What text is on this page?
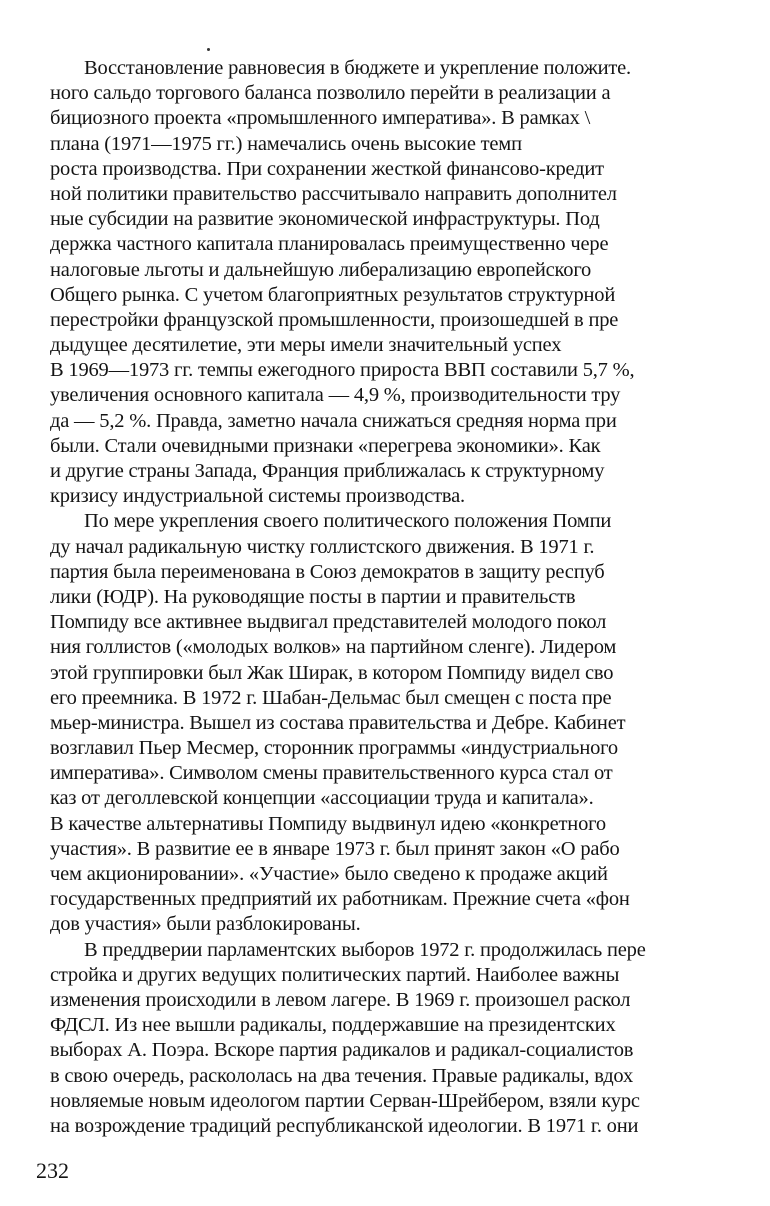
Восстановление равновесия в бюджете и укрепление положите.
ного сальдо торгового баланса позволило перейти в реализации а
бициозного проекта «промышленного императива». В рамках \
плана (1971—1975 гг.) намечались очень высокие темп
роста производства. При сохранении жесткой финансово-кредит
ной политики правительство рассчитывало направить дополнител
ные субсидии на развитие экономической инфраструктуры. Под
держка частного капитала планировалась преимущественно чере
налоговые льготы и дальнейшую либерализацию европейского
Общего рынка. С учетом благоприятных результатов структурной
перестройки французской промышленности, произошедшей в пре
дыдущее десятилетие, эти меры имели значительный успех
В 1969—1973 гг. темпы ежегодного прироста ВВП составили 5,7 %,
увеличения основного капитала — 4,9 %, производительности тру
да — 5,2 %. Правда, заметно начала снижаться средняя норма при
были. Стали очевидными признаки «перегрева экономики». Как
и другие страны Запада, Франция приближалась к структурному
кризису индустриальной системы производства.
По мере укрепления своего политического положения Помпи
ду начал радикальную чистку голлистского движения. В 1971 г.
партия была переименована в Союз демократов в защиту респуб
лики (ЮДР). На руководящие посты в партии и правительств
Помпиду все активнее выдвигал представителей молодого покол
ния голлистов («молодых волков» на партийном сленге). Лидером
этой группировки был Жак Ширак, в котором Помпиду видел сво
его преемника. В 1972 г. Шабан-Дельмас был смещен с поста пре
мьер-министра. Вышел из состава правительства и Дебре. Кабинет
возглавил Пьер Месмер, сторонник программы «индустриального
императива». Символом смены правительственного курса стал от
каз от деголлевской концепции «ассоциации труда и капитала».
В качестве альтернативы Помпиду выдвинул идею «конкретного
участия». В развитие ее в январе 1973 г. был принят закон «О рабо
чем акционировании». «Участие» было сведено к продаже акций
государственных предприятий их работникам. Прежние счета «фон
дов участия» были разблокированы.
В преддверии парламентских выборов 1972 г. продолжилась пере
стройка и других ведущих политических партий. Наиболее важны
изменения происходили в левом лагере. В 1969 г. произошел раскол
ФДСЛ. Из нее вышли радикалы, поддержавшие на президентских
выборах А. Поэра. Вскоре партия радикалов и радикал-социалистов
в свою очередь, раскололась на два течения. Правые радикалы, вдох
новляемые новым идеологом партии Серван-Шрейбером, взяли курс
на возрождение традиций республиканской идеологии. В 1971 г. они
232
